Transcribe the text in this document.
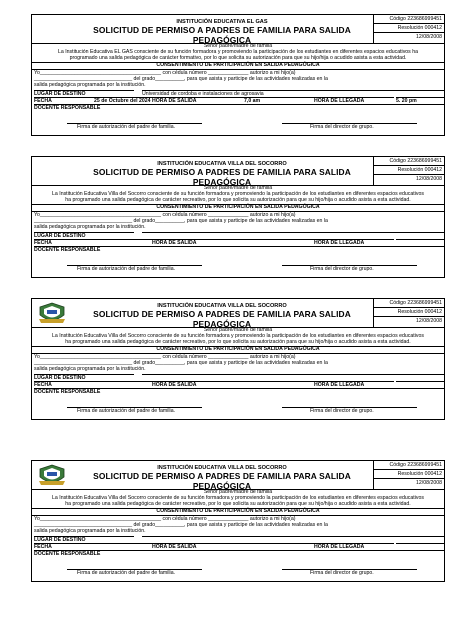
INSTITUCIÓN EDUCATIVA EL GAS
SOLICITUD DE PERMISO A PADRES DE FAMILIA PARA SALIDA PEDAGÓGICA
Código 223686999451
Resolución 000412
12/08/2008
Señor padre/madre de familia
La Institución Educativa EL GAS consciente de su función formadora y promoviendo la participación de los estudiantes en diferentes espacios educativos ha
programado una salida pedagógica de carácter formativo, por lo que solicita su autorización para que su hijo/hija o acudido asista a esta actividad.
CONSENTIMIENTO DE PARTICIPACIÓN EN SALIDA PEDAGÓGICA
Yo__________________________________________ con cédula número ______________ autorizo a mi hijo(a)
__________________________________ del grado__________, para que asista y participe de las actividades realizadas en la
salida pedagógica programada por la institución.
LUGAR DE DESTINO	Universidad de cordoba e instalaciones de agrosavia
FECHA	25 de Octubre del 2024 HORA DE SALIDA	7,0 am	HORA DE LLEGADA	5. 20 pm
DOCENTE RESPONSABLE
Firma de autorización del padre de familia.	Firma del director de grupo.
INSTITUCIÓN EDUCATIVA VILLA DEL SOCORRO
SOLICITUD DE PERMISO A PADRES DE FAMILIA PARA SALIDA PEDAGÓGICA
Código 223686999451
Resolución 000412
12/08/2008
Señor padre/madre de familia
La Institución Educativa Villa del Socorro consciente de su función formadora y promoviendo la participación de los estudiantes en diferentes espacios educativos
ha programado una salida pedagógica de carácter recreativo, por lo que solicita su autorización para que su hijo/hija o acudido asista a esta actividad.
CONSENTIMIENTO DE PARTICIPACIÓN EN SALIDA PEDAGÓGICA
Yo__________________________________________ con cédula número ______________ autorizo a mi hijo(a)
__________________________________ del grado__________, para que asista y participe de las actividades realizadas en la
salida pedagógica programada por la institución.
LUGAR DE DESTINO
FECHA	HORA DE SALIDA	HORA DE LLEGADA
DOCENTE RESPONSABLE
Firma de autorización del padre de familia.	Firma del director de grupo.
INSTITUCIÓN EDUCATIVA VILLA DEL SOCORRO
SOLICITUD DE PERMISO A PADRES DE FAMILIA PARA SALIDA PEDAGÓGICA
Código 223686999451
Resolución 000412
12/08/2008
Señor padre/madre de familia
La Institución Educativa Villa del Socorro consciente de su función formadora y promoviendo la participación de los estudiantes en diferentes espacios educativos
ha programado una salida pedagógica de carácter recreativo, por lo que solicita su autorización para que su hijo/hija o acudido asista a esta actividad.
CONSENTIMIENTO DE PARTICIPACIÓN EN SALIDA PEDAGÓGICA
Yo__________________________________________ con cédula número ______________ autorizo a mi hijo(a)
__________________________________ del grado__________, para que asista y participe de las actividades realizadas en la
salida pedagógica programada por la institución.
LUGAR DE DESTINO
FECHA	HORA DE SALIDA	HORA DE LLEGADA
DOCENTE RESPONSABLE
Firma de autorización del padre de familia.	Firma del director de grupo.
INSTITUCIÓN EDUCATIVA VILLA DEL SOCORRO
SOLICITUD DE PERMISO A PADRES DE FAMILIA PARA SALIDA PEDAGÓGICA
Código 223686999451
Resolución 000412
12/08/2008
Señor padre/madre de familia
La Institución Educativa Villa del Socorro consciente de su función formadora y promoviendo la participación de los estudiantes en diferentes espacios educativos
ha programado una salida pedagógica de carácter recreativo, por lo que solicita su autorización para que su hijo/hija o acudido asista a esta actividad.
CONSENTIMIENTO DE PARTICIPACIÓN EN SALIDA PEDAGÓGICA
Yo__________________________________________ con cédula número ______________ autorizo a mi hijo(a)
__________________________________ del grado__________, para que asista y participe de las actividades realizadas en la
salida pedagógica programada por la institución.
LUGAR DE DESTINO
FECHA	HORA DE SALIDA	HORA DE LLEGADA
DOCENTE RESPONSABLE
Firma de autorización del padre de familia.	Firma del director de grupo.
